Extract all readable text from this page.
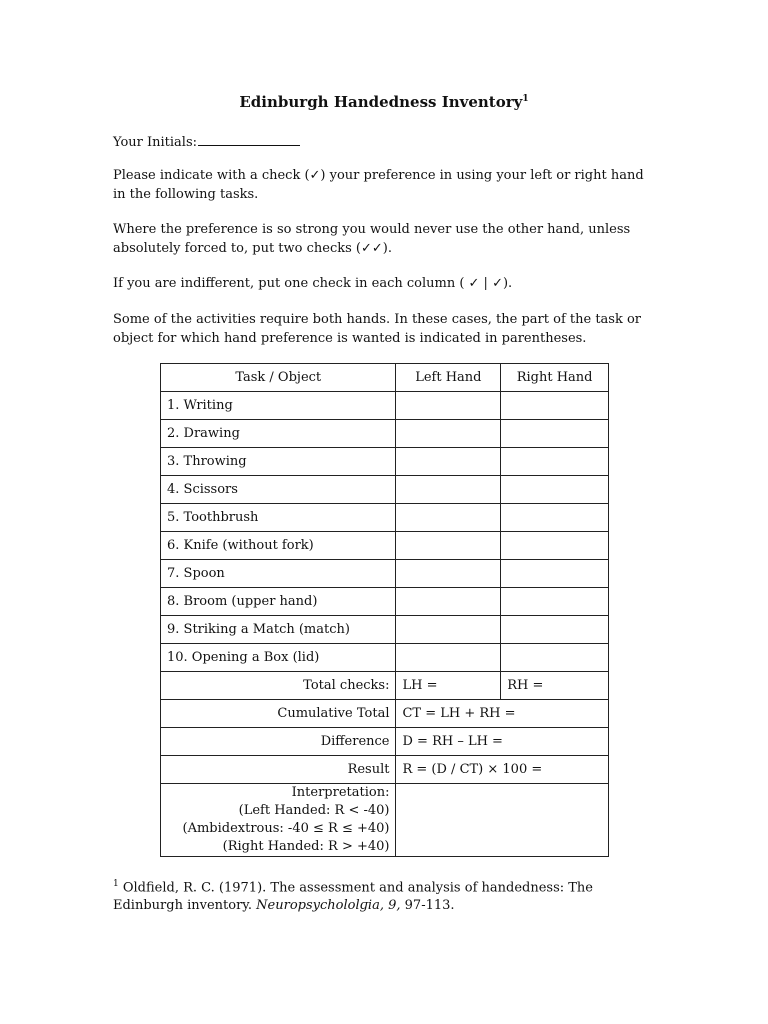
Edinburgh Handedness Inventory$^1$
Your Initials:
Please indicate with a check (✓) your preference in using your left or right hand in the following tasks.
Where the preference is so strong you would never use the other hand, unless absolutely forced to, put two checks (✓✓).
If you are indifferent, put one check in each column ( ✓ | ✓).
Some of the activities require both hands. In these cases, the part of the task or object for which hand preference is wanted is indicated in parentheses.
Task / Object	Left Hand	Right Hand
1. Writing		
2. Drawing		
3. Throwing		
4. Scissors		
5. Toothbrush		
6. Knife (without fork)		
7. Spoon		
8. Broom (upper hand)		
9. Striking a Match (match)		
10. Opening a Box (lid)		
Total checks:	LH =	RH =
Cumulative Total	CT = LH + RH =	
Difference	D = RH – LH =	
Result	R = (D / CT) × 100 =	

Interpretation:
(Left Handed: R < -40)
(Ambidextrous: -40 ≤ R ≤ +40)
(Right Handed: R > +40)		

$^1$ Oldfield, R. C. (1971). The assessment and analysis of handedness: The Edinburgh inventory. Neuropsychololɡia, 9, 97-113.
